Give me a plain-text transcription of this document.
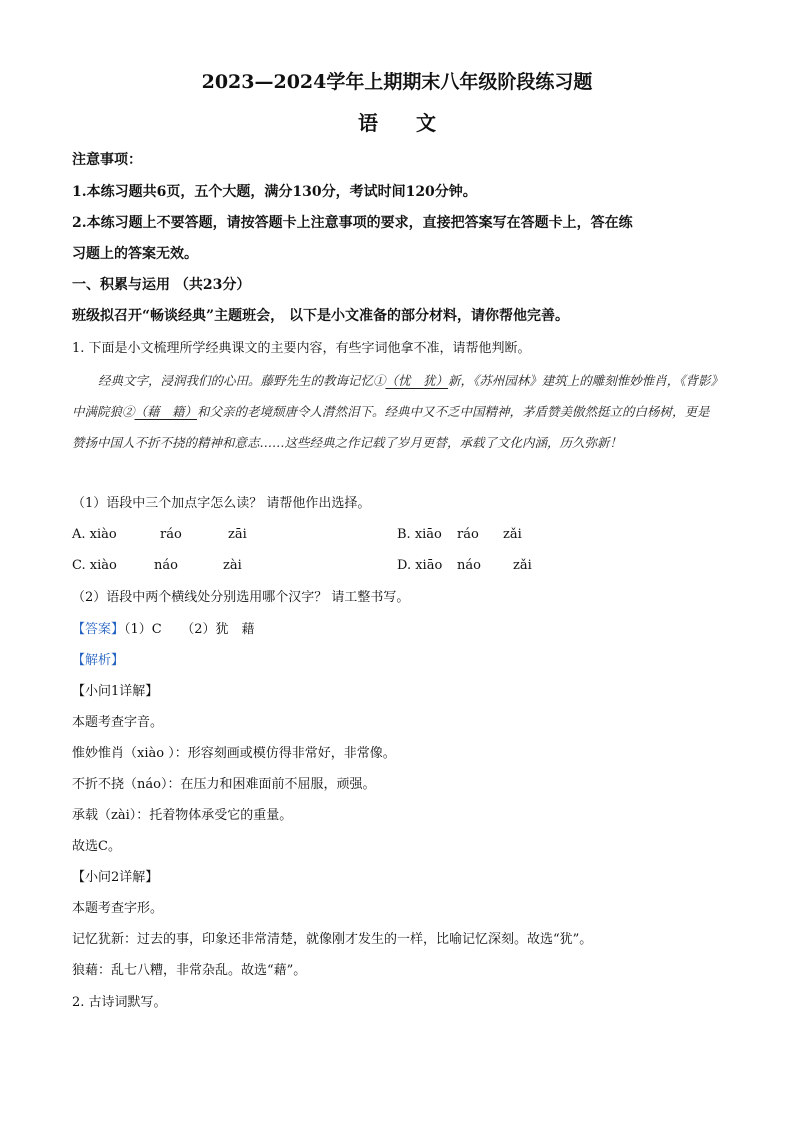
2023—2024学年上期期末八年级阶段练习题
语文
注意事项：
1.本练习题共6页，五个大题，满分130分，考试时间120分钟。
2.本练习题上不要答题，请按答题卡上注意事项的要求，直接把答案写在答题卡上，答在练
习题上的答案无效。
一、积累与运用 （共23分）
班级拟召开“畅谈经典”主题班会， 以下是小文准备的部分材料，请你帮他完善。
1. 下面是小文梳理所学经典课文的主要内容，有些字词他拿不准，请帮他判断。
经典文字，浸润我们的心田。藤野先生的教诲记忆①（忧　犹）新，《苏州园林》建筑上的雕刻惟妙惟肖，《背影》中满院狼②（藉　籍）和父亲的老境颓唐令人潸然泪下。经典中又不乏中国精神，茅盾赞美傲然挺立的白杨树，更是赞扬中国人不折不挠的精神和意志……这些经典之作记载了岁月更替，承载了文化内涵，历久弥新！
（1）语段中三个加点字怎么读？ 请帮他作出选择。
A. xiào	ráo	zāi	B. xiāo ráo zǎi
C. xiào	náo	zài	D. xiāo náo zǎi
（2）语段中两个横线处分别选用哪个汉字？ 请工整书写。
【答案】（1）C　　（2）犹　藉
【解析】
【小问1详解】
本题考查字音。
惟妙惟肖（xiào ）：形容刻画或模仿得非常好，非常像。
不折不挠（náo）：在压力和困难面前不屈服，顽强。
承载（zài）：托着物体承受它的重量。
故选C。
【小问2详解】
本题考查字形。
记忆犹新：过去的事，印象还非常清楚，就像刚才发生的一样，比喻记忆深刻。故选“犹”。
狼藉：乱七八糟，非常杂乱。故选“藉”。
2. 古诗词默写。
